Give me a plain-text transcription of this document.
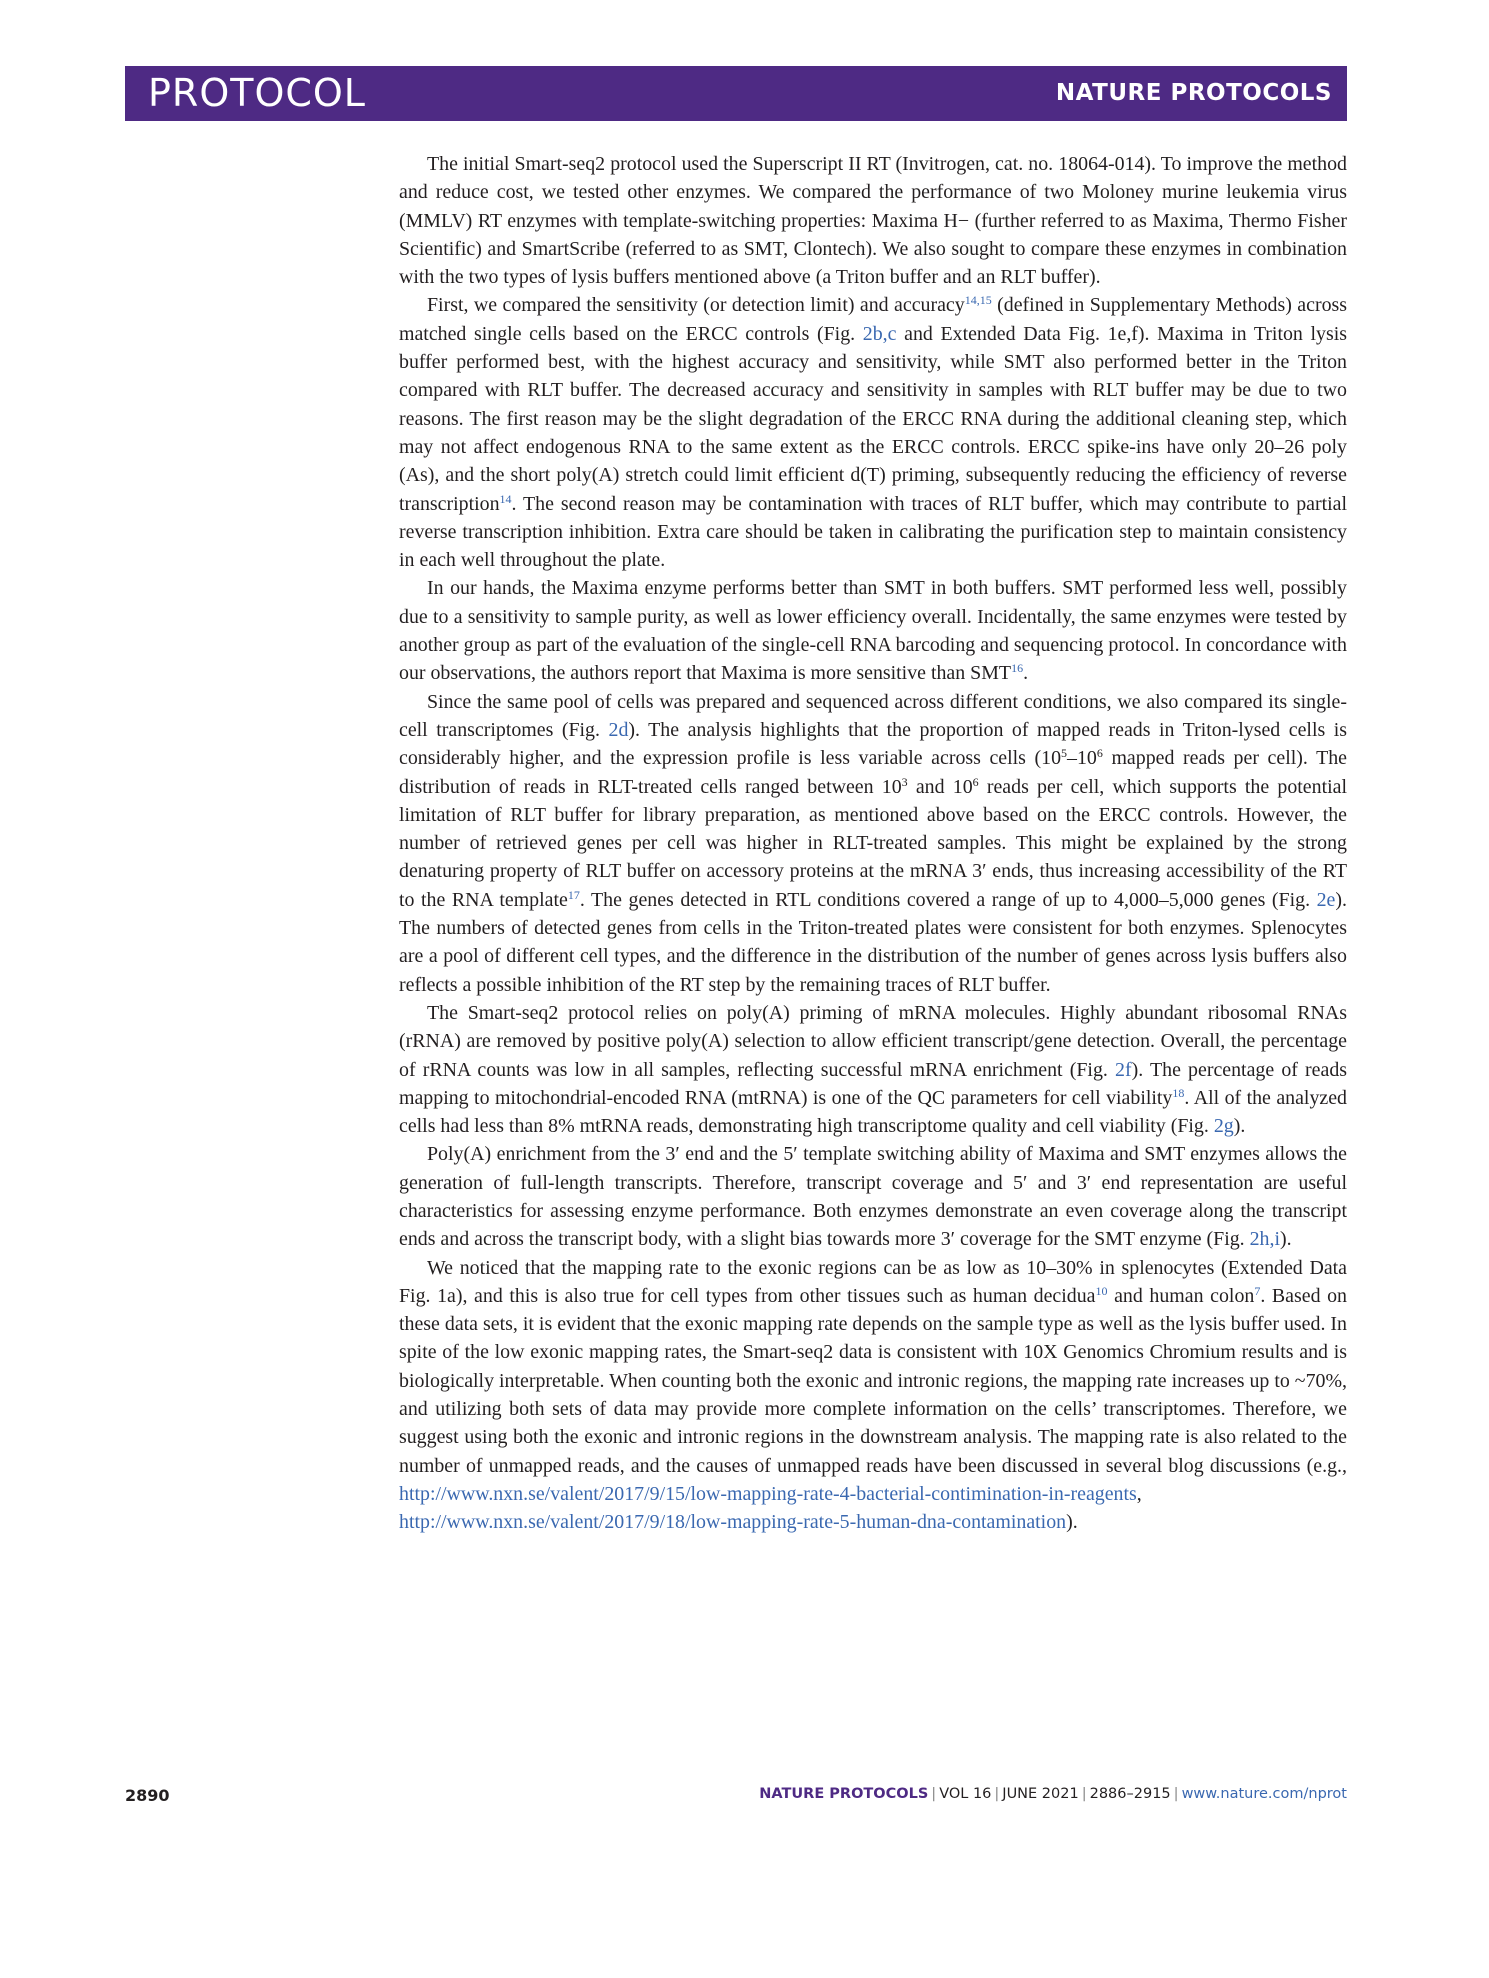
PROTOCOL	NATURE PROTOCOLS

The initial Smart-seq2 protocol used the Superscript II RT (Invitrogen, cat. no. 18064-014). To improve the method and reduce cost, we tested other enzymes. We compared the performance of two Moloney murine leukemia virus (MMLV) RT enzymes with template-switching properties: Maxima H− (further referred to as Maxima, Thermo Fisher Scientific) and SmartScribe (referred to as SMT, Clontech). We also sought to compare these enzymes in combination with the two types of lysis buffers mentioned above (a Triton buffer and an RLT buffer).

First, we compared the sensitivity (or detection limit) and accuracy$^{14,15}$ (defined in Supplementary Methods) across matched single cells based on the ERCC controls (Fig. 2b,c and Extended Data Fig. 1e,f). Maxima in Triton lysis buffer performed best, with the highest accuracy and sensitivity, while SMT also performed better in the Triton compared with RLT buffer. The decreased accuracy and sensitivity in samples with RLT buffer may be due to two reasons. The first reason may be the slight degradation of the ERCC RNA during the additional cleaning step, which may not affect endogenous RNA to the same extent as the ERCC controls. ERCC spike-ins have only 20–26 poly (As), and the short poly(A) stretch could limit efficient d(T) priming, subsequently reducing the efficiency of reverse transcription$^{14}$. The second reason may be contamination with traces of RLT buffer, which may contribute to partial reverse transcription inhibition. Extra care should be taken in calibrating the purification step to maintain consistency in each well throughout the plate.

In our hands, the Maxima enzyme performs better than SMT in both buffers. SMT performed less well, possibly due to a sensitivity to sample purity, as well as lower efficiency overall. Incidentally, the same enzymes were tested by another group as part of the evaluation of the single-cell RNA barcoding and sequencing protocol. In concordance with our observations, the authors report that Maxima is more sensitive than SMT$^{16}$.

Since the same pool of cells was prepared and sequenced across different conditions, we also compared its single-cell transcriptomes (Fig. 2d). The analysis highlights that the proportion of mapped reads in Triton-lysed cells is considerably higher, and the expression profile is less variable across cells ($10^5-10^6$ mapped reads per cell). The distribution of reads in RLT-treated cells ranged between $10^3$ and $10^6$ reads per cell, which supports the potential limitation of RLT buffer for library preparation, as mentioned above based on the ERCC controls. However, the number of retrieved genes per cell was higher in RLT-treated samples. This might be explained by the strong denaturing property of RLT buffer on accessory proteins at the mRNA 3′ ends, thus increasing accessibility of the RT to the RNA template$^{17}$. The genes detected in RTL conditions covered a range of up to 4,000–5,000 genes (Fig. 2e). The numbers of detected genes from cells in the Triton-treated plates were consistent for both enzymes. Splenocytes are a pool of different cell types, and the difference in the distribution of the number of genes across lysis buffers also reflects a possible inhibition of the RT step by the remaining traces of RLT buffer.

The Smart-seq2 protocol relies on poly(A) priming of mRNA molecules. Highly abundant ribosomal RNAs (rRNA) are removed by positive poly(A) selection to allow efficient transcript/gene detection. Overall, the percentage of rRNA counts was low in all samples, reflecting successful mRNA enrichment (Fig. 2f). The percentage of reads mapping to mitochondrial-encoded RNA (mtRNA) is one of the QC parameters for cell viability$^{18}$. All of the analyzed cells had less than 8% mtRNA reads, demonstrating high transcriptome quality and cell viability (Fig. 2g).

Poly(A) enrichment from the 3′ end and the 5′ template switching ability of Maxima and SMT enzymes allows the generation of full-length transcripts. Therefore, transcript coverage and 5′ and 3′ end representation are useful characteristics for assessing enzyme performance. Both enzymes demonstrate an even coverage along the transcript ends and across the transcript body, with a slight bias towards more 3′ coverage for the SMT enzyme (Fig. 2h,i).

We noticed that the mapping rate to the exonic regions can be as low as 10–30% in splenocytes (Extended Data Fig. 1a), and this is also true for cell types from other tissues such as human decidua$^{10}$ and human colon$^7$. Based on these data sets, it is evident that the exonic mapping rate depends on the sample type as well as the lysis buffer used. In spite of the low exonic mapping rates, the Smart-seq2 data is consistent with 10X Genomics Chromium results and is biologically interpretable. When counting both the exonic and intronic regions, the mapping rate increases up to ~70%, and utilizing both sets of data may provide more complete information on the cells’ transcriptomes. Therefore, we suggest using both the exonic and intronic regions in the downstream analysis. The mapping rate is also related to the number of unmapped reads, and the causes of unmapped reads have been discussed in several blog discussions (e.g., http://www.nxn.se/valent/2017/9/15/low-mapping-rate-4-bacterial-contimination-in-reagents, http://www.nxn.se/valent/2017/9/18/low-mapping-rate-5-human-dna-contamination).

2890	NATURE PROTOCOLS | VOL 16 | JUNE 2021 | 2886–2915 | www.nature.com/nprot
